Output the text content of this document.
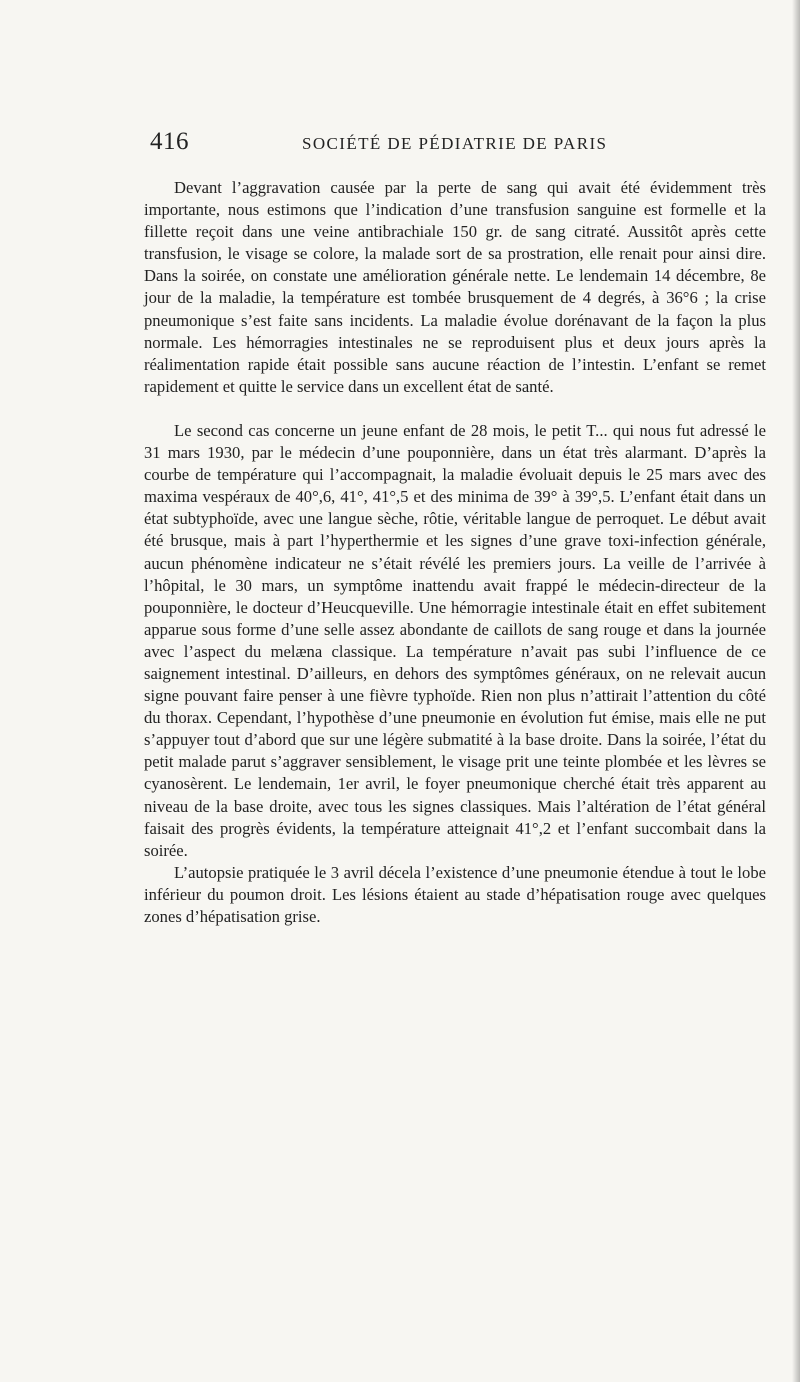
416	SOCIÉTÉ DE PÉDIATRIE DE PARIS

Devant l’aggravation causée par la perte de sang qui avait été évidemment très importante, nous estimons que l’indication d’une transfusion sanguine est formelle et la fillette reçoit dans une veine antibrachiale 150 gr. de sang citraté. Aussitôt après cette transfusion, le visage se colore, la malade sort de sa prostration, elle renait pour ainsi dire. Dans la soirée, on constate une amélioration générale nette. Le lendemain 14 décembre, 8e jour de la maladie, la température est tombée brusquement de 4 degrés, à 36°6 ; la crise pneumonique s’est faite sans incidents. La maladie évolue dorénavant de la façon la plus normale. Les hémorragies intestinales ne se reproduisent plus et deux jours après la réalimentation rapide était possible sans aucune réaction de l’intestin. L’enfant se remet rapidement et quitte le service dans un excellent état de santé.

Le second cas concerne un jeune enfant de 28 mois, le petit T... qui nous fut adressé le 31 mars 1930, par le médecin d’une pouponnière, dans un état très alarmant. D’après la courbe de température qui l’accompagnait, la maladie évoluait depuis le 25 mars avec des maxima vespéraux de 40°,6, 41°, 41°,5 et des minima de 39° à 39°,5. L’enfant était dans un état subtyphoïde, avec une langue sèche, rôtie, véritable langue de perroquet. Le début avait été brusque, mais à part l’hyperthermie et les signes d’une grave toxi-infection générale, aucun phénomène indicateur ne s’était révélé les premiers jours. La veille de l’arrivée à l’hôpital, le 30 mars, un symptôme inattendu avait frappé le médecin-directeur de la pouponnière, le docteur d’Heucqueville. Une hémorragie intestinale était en effet subitement apparue sous forme d’une selle assez abondante de caillots de sang rouge et dans la journée avec l’aspect du melæna classique. La température n’avait pas subi l’influence de ce saignement intestinal. D’ailleurs, en dehors des symptômes généraux, on ne relevait aucun signe pouvant faire penser à une fièvre typhoïde. Rien non plus n’attirait l’attention du côté du thorax. Cependant, l’hypothèse d’une pneumonie en évolution fut émise, mais elle ne put s’appuyer tout d’abord que sur une légère submatité à la base droite. Dans la soirée, l’état du petit malade parut s’aggraver sensiblement, le visage prit une teinte plombée et les lèvres se cyanosèrent. Le lendemain, 1er avril, le foyer pneumonique cherché était très apparent au niveau de la base droite, avec tous les signes classiques. Mais l’altération de l’état général faisait des progrès évidents, la température atteignait 41°,2 et l’enfant succombait dans la soirée.

L’autopsie pratiquée le 3 avril décela l’existence d’une pneumonie étendue à tout le lobe inférieur du poumon droit. Les lésions étaient au stade d’hépatisation rouge avec quelques zones d’hépatisation grise.
